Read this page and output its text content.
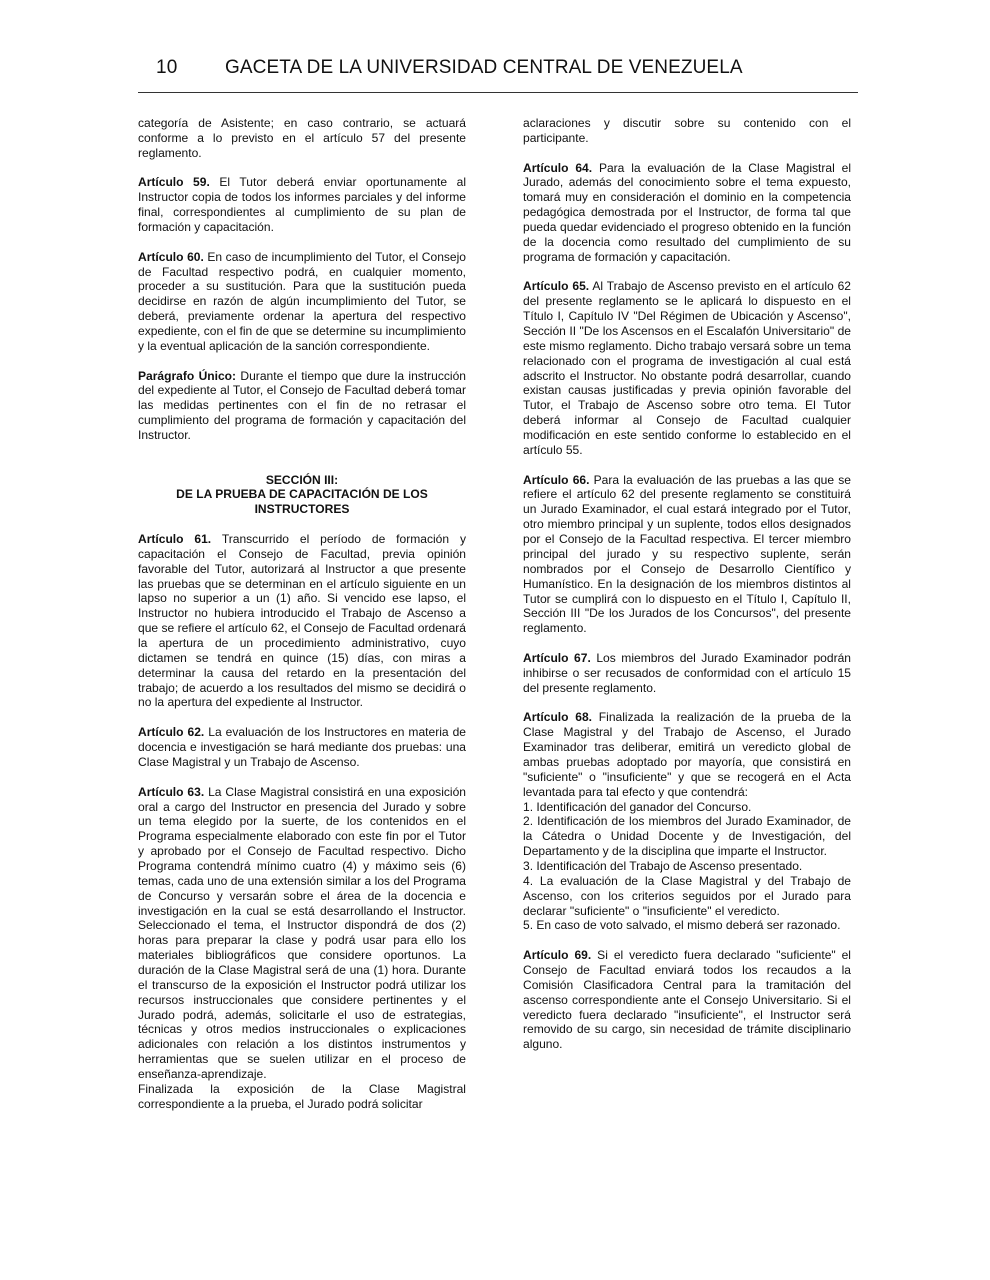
10 GACETA DE LA UNIVERSIDAD CENTRAL DE VENEZUELA

categoría de Asistente; en caso contrario, se actuará conforme a lo previsto en el artículo 57 del presente reglamento.

Artículo 59. El Tutor deberá enviar oportunamente al Instructor copia de todos los informes parciales y del informe final, correspondientes al cumplimiento de su plan de formación y capacitación.

Artículo 60. En caso de incumplimiento del Tutor, el Consejo de Facultad respectivo podrá, en cualquier momento, proceder a su sustitución. Para que la sustitución pueda decidirse en razón de algún incumplimiento del Tutor, se deberá, previamente ordenar la apertura del respectivo expediente, con el fin de que se determine su incumplimiento y la eventual aplicación de la sanción correspondiente.

Parágrafo Único: Durante el tiempo que dure la instrucción del expediente al Tutor, el Consejo de Facultad deberá tomar las medidas pertinentes con el fin de no retrasar el cumplimiento del programa de formación y capacitación del Instructor.

SECCIÓN III:
DE LA PRUEBA DE CAPACITACIÓN DE LOS
INSTRUCTORES

Artículo 61. Transcurrido el período de formación y capacitación el Consejo de Facultad, previa opinión favorable del Tutor, autorizará al Instructor a que presente las pruebas que se determinan en el artículo siguiente en un lapso no superior a un (1) año. Si vencido ese lapso, el Instructor no hubiera introducido el Trabajo de Ascenso a que se refiere el artículo 62, el Consejo de Facultad ordenará la apertura de un procedimiento administrativo, cuyo dictamen se tendrá en quince (15) días, con miras a determinar la causa del retardo en la presentación del trabajo; de acuerdo a los resultados del mismo se decidirá o no la apertura del expediente al Instructor.

Artículo 62. La evaluación de los Instructores en materia de docencia e investigación se hará mediante dos pruebas: una Clase Magistral y un Trabajo de Ascenso.

Artículo 63. La Clase Magistral consistirá en una exposición oral a cargo del Instructor en presencia del Jurado y sobre un tema elegido por la suerte, de los contenidos en el Programa especialmente elaborado con este fin por el Tutor y aprobado por el Consejo de Facultad respectivo. Dicho Programa contendrá mínimo cuatro (4) y máximo seis (6) temas, cada uno de una extensión similar a los del Programa de Concurso y versarán sobre el área de la docencia e investigación en la cual se está desarrollando el Instructor. Seleccionado el tema, el Instructor dispondrá de dos (2) horas para preparar la clase y podrá usar para ello los materiales bibliográficos que considere oportunos. La duración de la Clase Magistral será de una (1) hora. Durante el transcurso de la exposición el Instructor podrá utilizar los recursos instruccionales que considere pertinentes y el Jurado podrá, además, solicitarle el uso de estrategias, técnicas y otros medios instruccionales o explicaciones adicionales con relación a los distintos instrumentos y herramientas que se suelen utilizar en el proceso de enseñanza-aprendizaje.

Finalizada la exposición de la Clase Magistral correspondiente a la prueba, el Jurado podrá solicitar

aclaraciones y discutir sobre su contenido con el participante.

Artículo 64. Para la evaluación de la Clase Magistral el Jurado, además del conocimiento sobre el tema expuesto, tomará muy en consideración el dominio en la competencia pedagógica demostrada por el Instructor, de forma tal que pueda quedar evidenciado el progreso obtenido en la función de la docencia como resultado del cumplimiento de su programa de formación y capacitación.

Artículo 65. Al Trabajo de Ascenso previsto en el artículo 62 del presente reglamento se le aplicará lo dispuesto en el Título I, Capítulo IV "Del Régimen de Ubicación y Ascenso", Sección II "De los Ascensos en el Escalafón Universitario" de este mismo reglamento. Dicho trabajo versará sobre un tema relacionado con el programa de investigación al cual está adscrito el Instructor. No obstante podrá desarrollar, cuando existan causas justificadas y previa opinión favorable del Tutor, el Trabajo de Ascenso sobre otro tema. El Tutor deberá informar al Consejo de Facultad cualquier modificación en este sentido conforme lo establecido en el artículo 55.

Artículo 66. Para la evaluación de las pruebas a las que se refiere el artículo 62 del presente reglamento se constituirá un Jurado Examinador, el cual estará integrado por el Tutor, otro miembro principal y un suplente, todos ellos designados por el Consejo de la Facultad respectiva. El tercer miembro principal del jurado y su respectivo suplente, serán nombrados por el Consejo de Desarrollo Científico y Humanístico. En la designación de los miembros distintos al Tutor se cumplirá con lo dispuesto en el Título I, Capítulo II, Sección III "De los Jurados de los Concursos", del presente reglamento.

Artículo 67. Los miembros del Jurado Examinador podrán inhibirse o ser recusados de conformidad con el artículo 15 del presente reglamento.

Artículo 68. Finalizada la realización de la prueba de la Clase Magistral y del Trabajo de Ascenso, el Jurado Examinador tras deliberar, emitirá un veredicto global de ambas pruebas adoptado por mayoría, que consistirá en "suficiente" o "insuficiente" y que se recogerá en el Acta levantada para tal efecto y que contendrá:

1. Identificación del ganador del Concurso.

2. Identificación de los miembros del Jurado Examinador, de la Cátedra o Unidad Docente y de Investigación, del Departamento y de la disciplina que imparte el Instructor.

3. Identificación del Trabajo de Ascenso presentado.

4. La evaluación de la Clase Magistral y del Trabajo de Ascenso, con los criterios seguidos por el Jurado para declarar "suficiente" o "insuficiente" el veredicto.

5. En caso de voto salvado, el mismo deberá ser razonado.

Artículo 69. Si el veredicto fuera declarado "suficiente" el Consejo de Facultad enviará todos los recaudos a la Comisión Clasificadora Central para la tramitación del ascenso correspondiente ante el Consejo Universitario. Si el veredicto fuera declarado "insuficiente", el Instructor será removido de su cargo, sin necesidad de trámite disciplinario alguno.
